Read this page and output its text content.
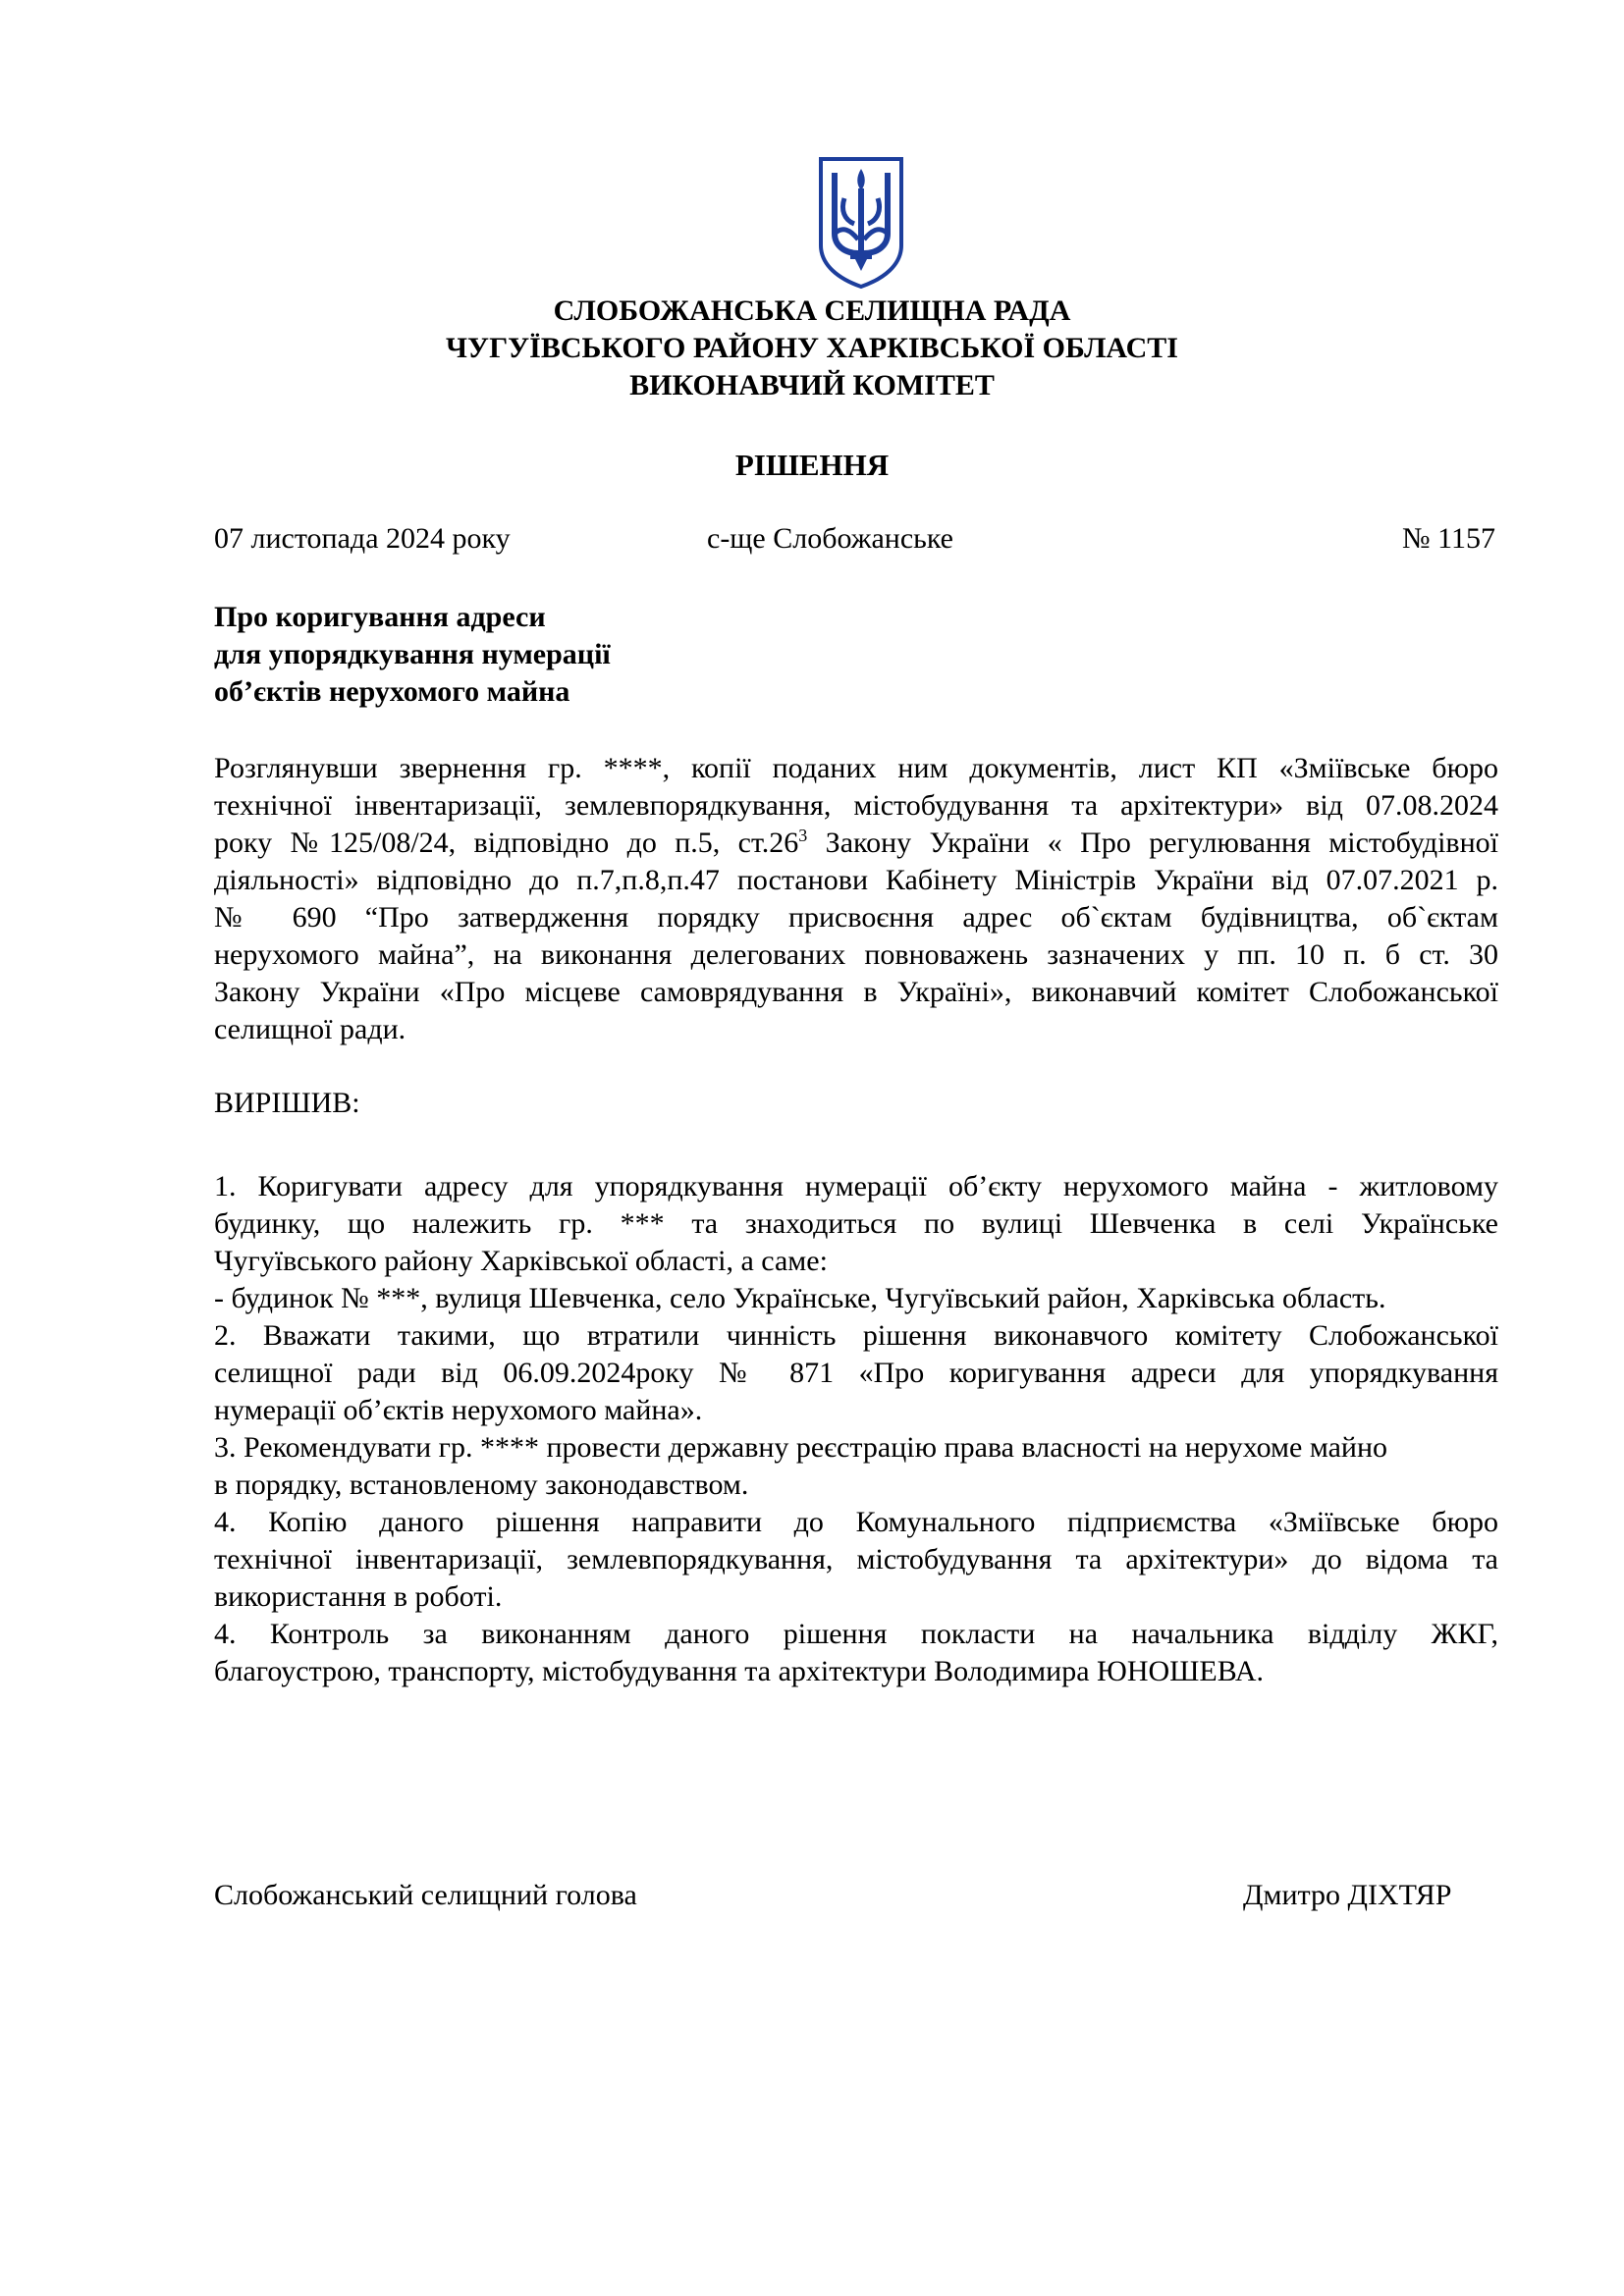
СЛОБОЖАНСЬКА СЕЛИЩНА РАДА
ЧУГУЇВСЬКОГО РАЙОНУ ХАРКІВСЬКОЇ ОБЛАСТІ
ВИКОНАВЧИЙ КОМІТЕТ
РІШЕННЯ
07 листопада 2024 року	с-ще Слобожанське	№ 1157
Про коригування адреси
для упорядкування нумерації
об’єктів нерухомого майна
Розглянувши звернення гр. ****, копії поданих ним документів, лист КП «Зміївське бюро
технічної інвентаризації, землевпорядкування, містобудування та архітектури» від 07.08.2024
року №125/08/24, відповідно до п.5, $ст.26^3$ Закону України « Про регулювання містобудівної
діяльності» відповідно до п.7,п.8,п.47 постанови Кабінету Міністрів України від 07.07.2021 р.
№ 690 “Про затвердження порядку присвоєння адрес об`єктам будівництва, об`єктам
нерухомого майна”, на виконання делегованих повноважень зазначених у пп. 10 п. б ст. 30
Закону України «Про місцеве самоврядування в Україні», виконавчий комітет Слобожанської
селищної ради.
ВИРІШИВ:
1. Коригувати адресу для упорядкування нумерації об’єкту нерухомого майна - житловому
будинку, що належить гр. *** та знаходиться по вулиці Шевченка в селі Українське
Чугуївського району Харківської області, а саме:
- будинок № ***, вулиця Шевченка, село Українське, Чугуївський район, Харківська область.
2. Вважати такими, що втратили чинність рішення виконавчого комітету Слобожанської
селищної ради від 06.09.2024року № 871 «Про коригування адреси для упорядкування
нумерації об’єктів нерухомого майна».
3. Рекомендувати гр. **** провести державну реєстрацію права власності на нерухоме майно
в порядку, встановленому законодавством.
4. Копію даного рішення направити до Комунального підприємства «Зміївське бюро
технічної інвентаризації, землевпорядкування, містобудування та архітектури» до відома та
використання в роботі.
4. Контроль за виконанням даного рішення покласти на начальника відділу ЖКГ,
благоустрою, транспорту, містобудування та архітектури Володимира ЮНОШЕВА.
Слобожанський селищний голова	Дмитро ДІХТЯР
